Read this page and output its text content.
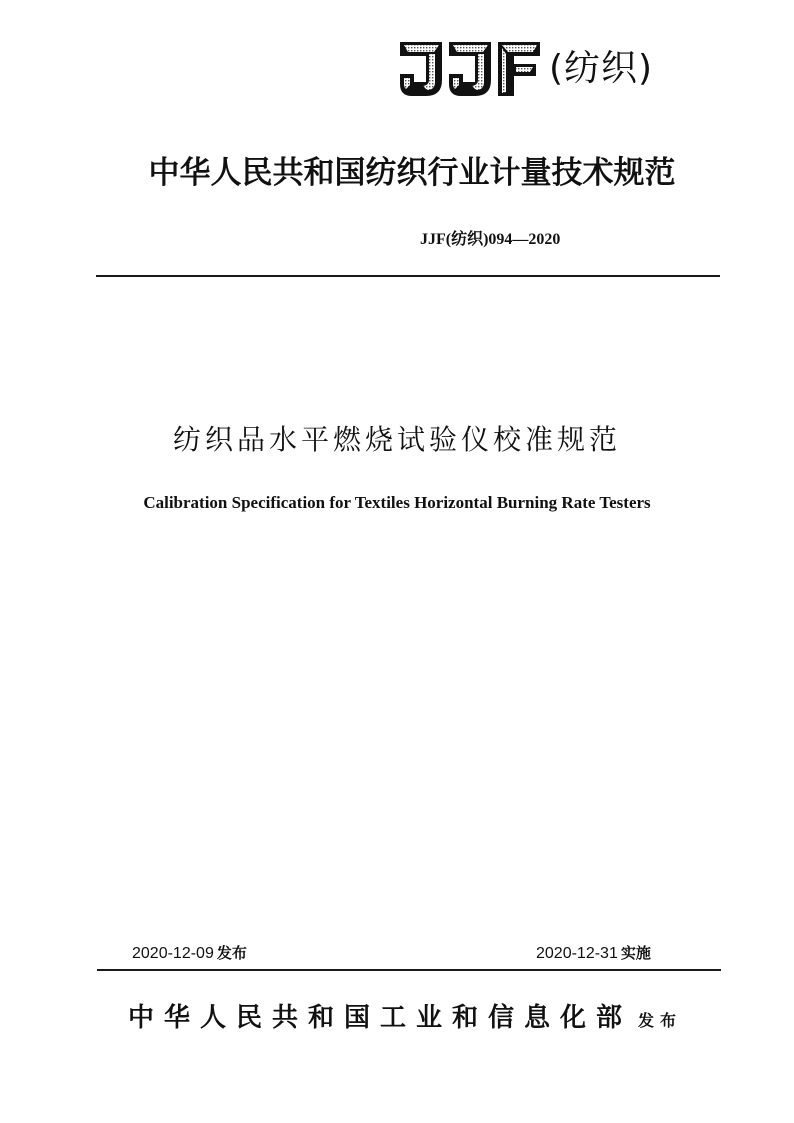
(纺织)
中华人民共和国纺织行业计量技术规范
JJF(纺织)094—2020
纺织品水平燃烧试验仪校准规范
Calibration Specification for Textiles Horizontal Burning Rate Testers
2020-12-09 发布	2020-12-31 实施
中华人民共和国工业和信息化部 发布
